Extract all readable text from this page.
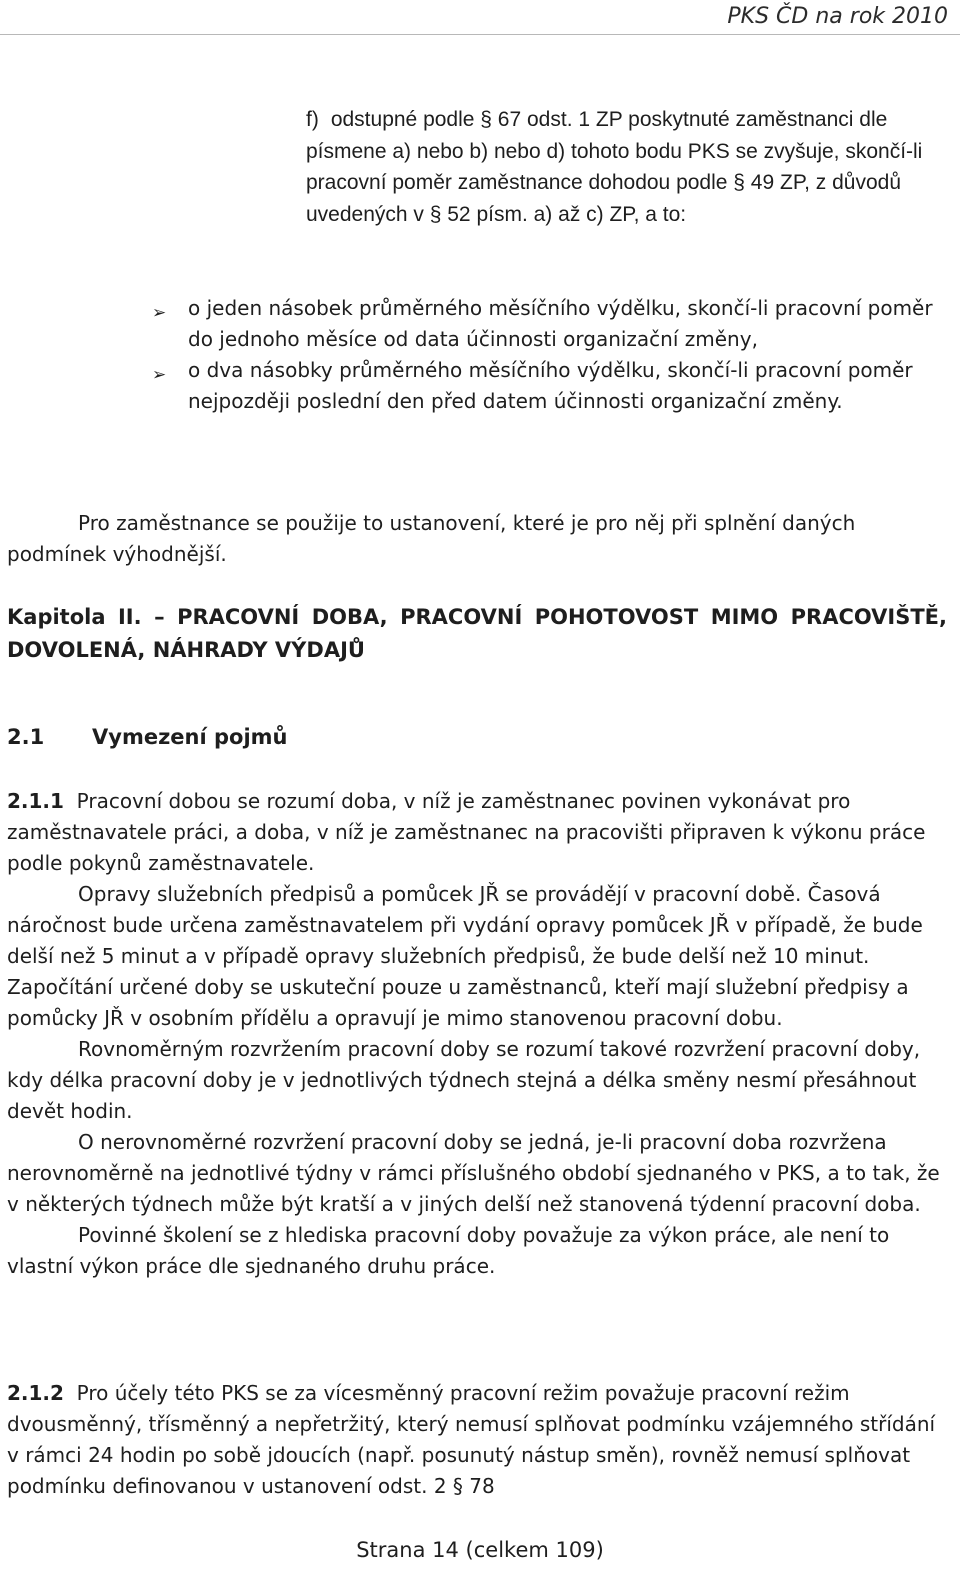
PKS ČD na rok 2010
f) odstupné podle § 67 odst. 1 ZP poskytnuté zaměstnanci dle písmene a) nebo b) nebo d) tohoto bodu PKS se zvyšuje, skončí-li pracovní poměr zaměstnance dohodou podle § 49 ZP, z důvodů uvedených v § 52 písm. a) až c) ZP, a to:
➢ o jeden násobek průměrného měsíčního výdělku, skončí-li pracovní poměr do jednoho měsíce od data účinnosti organizační změny,
➢ o dva násobky průměrného měsíčního výdělku, skončí-li pracovní poměr nejpozději poslední den před datem účinnosti organizační změny.
Pro zaměstnance se použije to ustanovení, které je pro něj při splnění daných podmínek výhodnější.
Kapitola II. – PRACOVNÍ DOBA, PRACOVNÍ POHOTOVOST MIMO PRACOVIŠTĚ, DOVOLENÁ, NÁHRADY VÝDAJŮ
2.1 Vymezení pojmů
2.1.1 Pracovní dobou se rozumí doba, v níž je zaměstnanec povinen vykonávat pro zaměstnavatele práci, a doba, v níž je zaměstnanec na pracovišti připraven k výkonu práce podle pokynů zaměstnavatele.
Opravy služebních předpisů a pomůcek JŘ se provádějí v pracovní době. Časová náročnost bude určena zaměstnavatelem při vydání opravy pomůcek JŘ v případě, že bude delší než 5 minut a v případě opravy služebních předpisů, že bude delší než 10 minut. Započítání určené doby se uskuteční pouze u zaměstnanců, kteří mají služební předpisy a pomůcky JŘ v osobním přídělu a opravují je mimo stanovenou pracovní dobu.
Rovnoměrným rozvržením pracovní doby se rozumí takové rozvržení pracovní doby, kdy délka pracovní doby je v jednotlivých týdnech stejná a délka směny nesmí přesáhnout devět hodin.
O nerovnoměrné rozvržení pracovní doby se jedná, je-li pracovní doba rozvržena nerovnoměrně na jednotlivé týdny v rámci příslušného období sjednaného v PKS, a to tak, že v některých týdnech může být kratší a v jiných delší než stanovená týdenní pracovní doba.
Povinné školení se z hlediska pracovní doby považuje za výkon práce, ale není to vlastní výkon práce dle sjednaného druhu práce.
2.1.2 Pro účely této PKS se za vícesměnný pracovní režim považuje pracovní režim dvousměnný, třísměnný a nepřetržitý, který nemusí splňovat podmínku vzájemného střídání v rámci 24 hodin po sobě jdoucích (např. posunutý nástup směn), rovněž nemusí splňovat podmínku definovanou v ustanovení odst. 2 § 78
Strana 14 (celkem 109)
